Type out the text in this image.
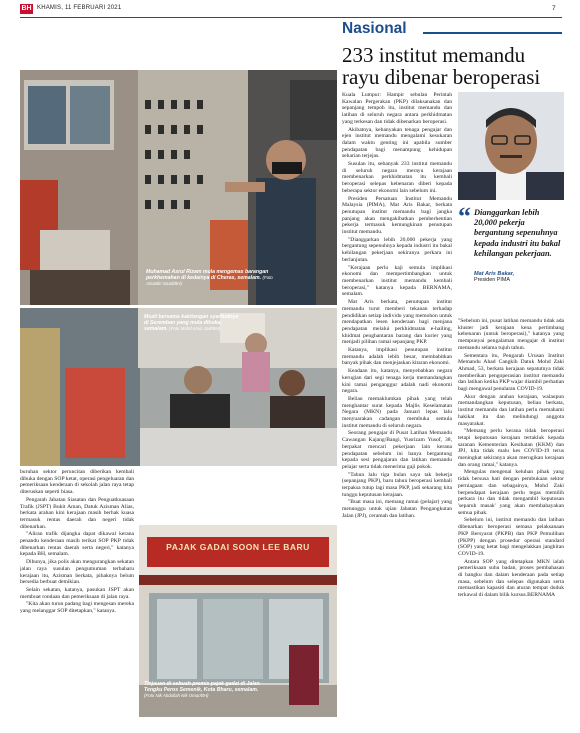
BH KHAMIS, 11 FEBRUARI 2021	7
Nasional
233 institut memandu rayu dibenar beroperasi
Muhamad Asrul Rizam mula mengemas barangan perkhemahan di kedainya di Cheras, semalam. (Foto Aziatdin Saad/BH)
Muzli bersama kakitangan syarikatnya di Seremban yang mula dibuka, semalam. (Foto Mohd Amin Jalil/BH)
PAJAK GADAI SOON LEE BARU
Tinjauan di sebuah premis pajak gadai di Jalan Tengku Peros Semenik, Kota Bharu, semalam. (Foto Nik Abdullah Nik Omar/BH)

buruhan sektor peruncitan diberikan kembali dibuka dengan SOP ketat, operasi pengeluaran dan pemeriksaan kenderaan di sekolah jalan raya tetap diteruskan seperti biasa.

Pengarah Jabatan Siasatan dan Penguatkuasaan Trafik (JSPT) Bukit Aman, Datuk Azisman Alias, berkata arahan kini kerajaan masih berhak kuasa termasuk rentas daerah dan negeri tidak dibenarkan.

"Aliran trafik dijangka dapat dikawal kerana penandu kenderaan masih terikat SOP PKP tidak dibenarkan rentas daerah serta negeri," katanya kepada BH, semalam.

Dibunya, jika polis akan mengurangkan sekatan jalan raya susulan pengumuman terbaharu kerajaan itu, Azisman berkata, pihaknya belum bersedia berbuat demikian.

Selain sekatan, katanya, pasukan JSPT akan membuat rondaan dan pemeriksaan di jalan raya.

"Kita akan turun padang bagi mengesan mereka yang melanggar SOP ditetapkan," katanya.

Kuala Lumpur: Hampir sebulan Perintah Kawalan Pergerakan (PKP) dilaksanakan dan sepanjang tempoh itu, institut memandu dan latihan di seluruh negara antara perkhidmatan yang terkesan dan tidak dibenarkan beroperasi.

Akibatnya, kebanyakan tenaga pengajar dan ejen institut memandu mengalami kesukaran dalam waktu genting ini apabila sumber pendapatan bagi menampung kehidupan seharian terjejas.

Susulan itu, sebanyak 233 institut memandu di seluruh negara merayu kerajaan membenarkan perkhidmatan itu kembali beroperasi selepas kebenaran diberi kepada beberapa sektor ekonomi lain sebelum ini.

Presiden Persatuan Institut Memandu Malaysia (PIMA), Mat Aris Bakar, berkata penutupan institut memandu bagi jangka panjang akan mengakibatkan pemberhentian pekerja termasuk kemungkinan penutupan institut memandu.

"Dianggarkan lebih 20,000 pekerja yang bergantung sepenuhnya kepada industri itu bakal kehilangan pekerjaan sekiranya perkara ini berlanjutan.

"Kerajaan perlu kaji semula implikasi ekonomi dan mempertimbangkan untuk membenarkan institut memandu kembali beroperasi," katanya kepada BERNAMA, semalam.

Mat Aris berkata, penutupan institut memandu turut memberi tekanan terhadap pendidikan setiap individu yang memohon untuk mendapatkan lesen kenderaan bagi menjana pendapatan melalui perkhidmatan e-hailing, khidmat penghantaran barang dan kurier yang menjadi pilihan ramai sepanjang PKP.

Katanya, implikasi penutupan institut memandu adalah lebih besar, membabitkan banyak pihak dan menjejaskan kitaran ekonomi.

Keadaan itu, katanya, menyebabkan negara kerugian dari segi tenaga kerja memandangkan kini ramai penganggur adalah nadi ekonomi negara.

Beliau memaklumkan pihak yang telah menghantar surat kepada Majlis Keselamatan Negara (MKN) pada Januari lepas lalu menyuarakan cadangan membuka semula institut memandu di seluruh negara.

Seorang pengajar di Pusat Latihan Memandu Cawangan Kajang/Bangi, Yusrizam Yusof, 38, berpakat mencari pekerjaan lain kerana pendapatan sebelum ini hanya bergantung kepada sesi pengajaran dan latihan memandu pelajar serta tidak menerima gaji pokok.

"Tahun lalu tiga bulan saya tak bekerja (sepanjang PKP), baru tahun beroperasi kembali terpaksa tutup lagi masa PKP, jadi sekarang kita tunggu keputusan kerajaan.

"Buat masa ini, memang ramai (pelajar) yang menunggu untuk ujian Jabatan Pengangkutan Jalan (JPJ), ceramah dan latihan.

“ Dianggarkan lebih 20,000 pekerja bergantung sepenuhnya kepada industri itu bakal kehilangan pekerjaan.
Mat Aris Bakar,
Presiden PIMA

"Sebelum ini, pusat latihan memandu tidak ada kluster jadi kerajaan kena pertimbang kebenaran (untuk beroperasi)," katanya yang mempunyai pengalaman mengajar di institut memandu selama tujuh tahun.

Sementara itu, Pengarah Urusan Institut Memandu Ahad Cangkih Datuk Mohd Zaki Ahmad, 53, berkata kerajaan sepatutnya tidak memberikan pengoperasian institut memandu dan latihan ketika PKP wajar diambil perhatian bagi mengawal penularan COVID-19.

Akur dengan arahan kerajaan, walaupun memandangkan keputusan, beliau berkata, institut memandu dan latihan perlu memahami hakikat itu dan melindungi anggota masyarakat.

"Memang perlu kerana tidak beroperasi tetapi keputusan kerajaan tertakluk kepada saranan Kementerian Kesihatan (KKM) dan JPJ, kita tidak malu kes COVID-19 terus meningkat sekiranya akan merugikan kerajaan dan orang ramai," katanya.

Mengulas mengenai keluhan pihak yang tidak bersusa hati dengan pembukaan sektor perniagaan dan sebagainya, Mohd Zaki berpendapat kerajaan perlu tegas memilih perkara itu dan tidak mengambil keputusan 'separuh masak' yang akan membahayakan semua pihak.

Sebelum ini, institut memandu dan latihan dibenarkan beroperasi semasa pelaksanaan PKP Bersyarat (PKPB) dan PKP Pemulihan (PKPP) dengan prosedur operasi standard (SOP) yang ketat bagi mengelakkan jangkitan COVID-19.

Antara SOP yang ditetapkan MKN ialah pemeriksaan suhu badan, proses pembahasan di bangku dan dalam kenderaan pada setiap masa, sebelum dan selepas digunakan serta memastikan kapasiti dan aturan tempat duduk terkawal di dalam bilik kursus.BERNAMA
